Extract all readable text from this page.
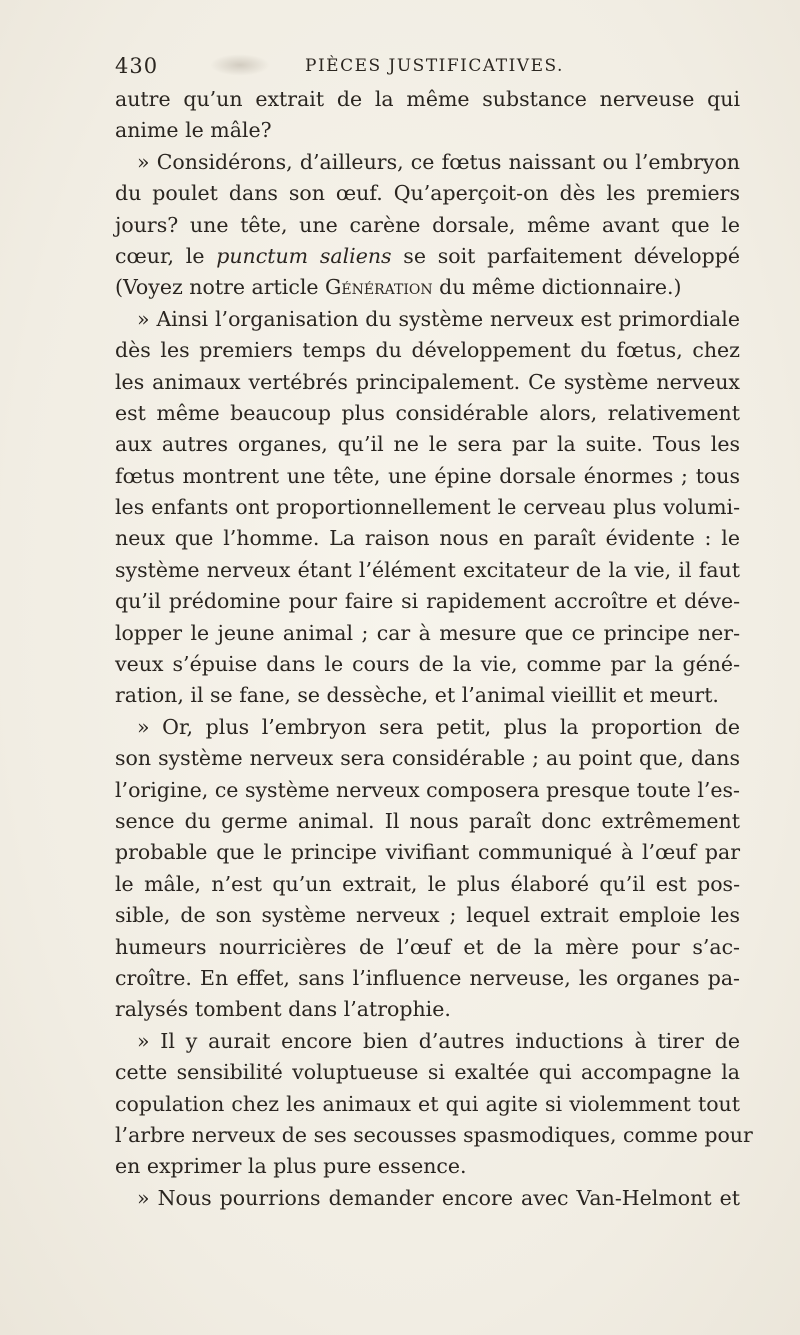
430	PIÈCES JUSTIFICATIVES.
autre qu’un extrait de la même substance nerveuse qui
anime le mâle?
» Considérons, d’ailleurs, ce fœtus naissant ou l’embryon
du poulet dans son œuf. Qu’aperçoit-on dès les premiers
jours? une tête, une carène dorsale, même avant que le
cœur, le punctum saliens se soit parfaitement développé
(Voyez notre article Génération du même dictionnaire.)
» Ainsi l’organisation du système nerveux est primordiale
dès les premiers temps du développement du fœtus, chez
les animaux vertébrés principalement. Ce système nerveux
est même beaucoup plus considérable alors, relativement
aux autres organes, qu’il ne le sera par la suite. Tous les
fœtus montrent une tête, une épine dorsale énormes ; tous
les enfants ont proportionnellement le cerveau plus volumi-
neux que l’homme. La raison nous en paraît évidente : le
système nerveux étant l’élément excitateur de la vie, il faut
qu’il prédomine pour faire si rapidement accroître et déve-
lopper le jeune animal ; car à mesure que ce principe ner-
veux s’épuise dans le cours de la vie, comme par la géné-
ration, il se fane, se dessèche, et l’animal vieillit et meurt.
» Or, plus l’embryon sera petit, plus la proportion de
son système nerveux sera considérable ; au point que, dans
l’origine, ce système nerveux composera presque toute l’es-
sence du germe animal. Il nous paraît donc extrêmement
probable que le principe vivifiant communiqué à l’œuf par
le mâle, n’est qu’un extrait, le plus élaboré qu’il est pos-
sible, de son système nerveux ; lequel extrait emploie les
humeurs nourricières de l’œuf et de la mère pour s’ac-
croître. En effet, sans l’influence nerveuse, les organes pa-
ralysés tombent dans l’atrophie.
» Il y aurait encore bien d’autres inductions à tirer de
cette sensibilité voluptueuse si exaltée qui accompagne la
copulation chez les animaux et qui agite si violemment tout
l’arbre nerveux de ses secousses spasmodiques, comme pour
en exprimer la plus pure essence.
» Nous pourrions demander encore avec Van-Helmont et
